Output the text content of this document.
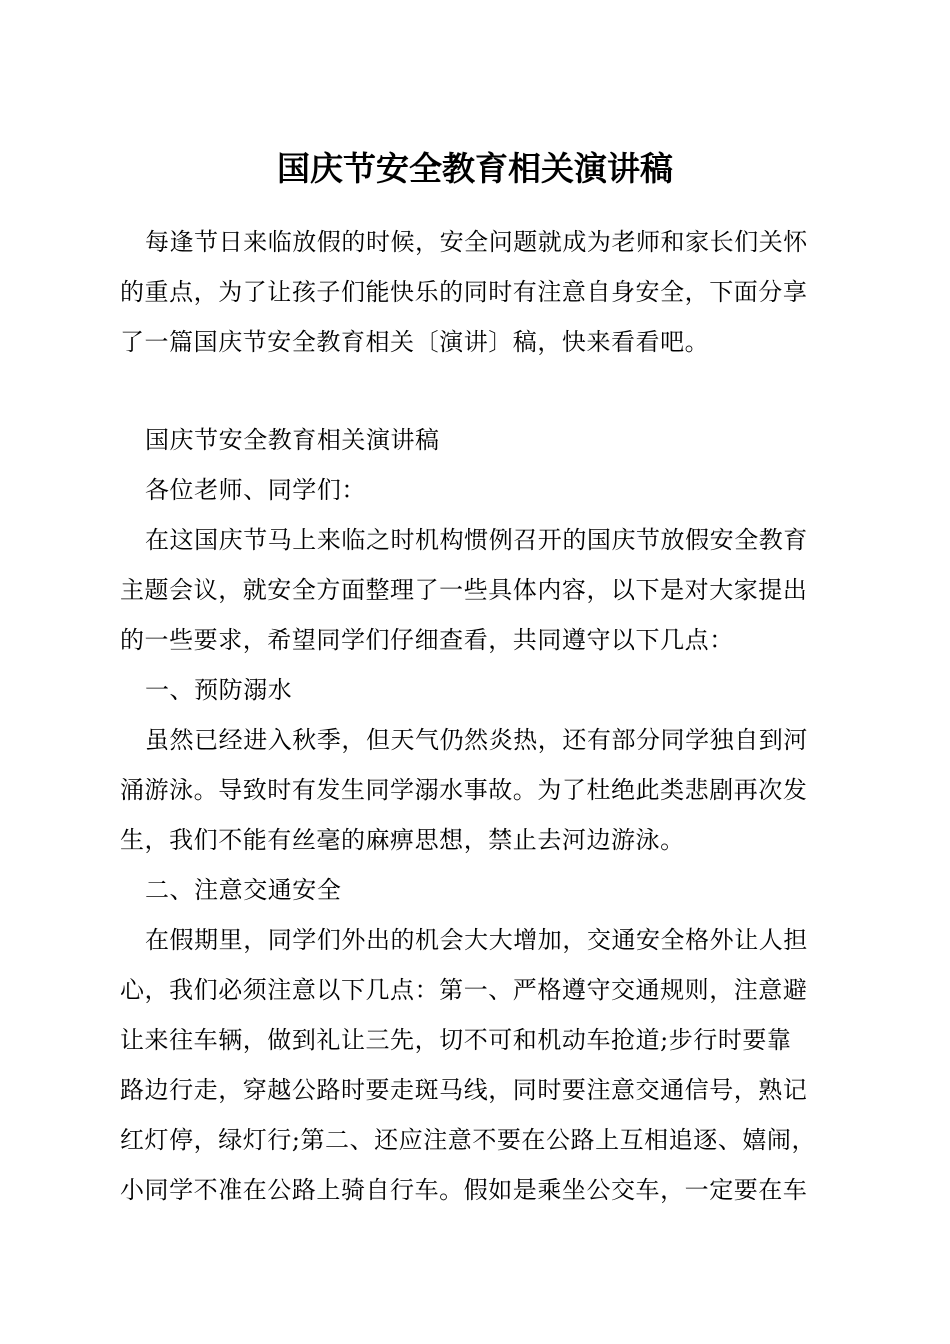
国庆节安全教育相关演讲稿

每逢节日来临放假的时候，安全问题就成为老师和家长们关怀

的重点，为了让孩子们能快乐的同时有注意自身安全，下面分享

了一篇国庆节安全教育相关〔演讲〕稿，快来看看吧。

国庆节安全教育相关演讲稿

各位老师、同学们：

在这国庆节马上来临之时机构惯例召开的国庆节放假安全教育

主题会议，就安全方面整理了一些具体内容，以下是对大家提出

的一些要求，希望同学们仔细查看，共同遵守以下几点：

一、预防溺水

虽然已经进入秋季，但天气仍然炎热，还有部分同学独自到河

涌游泳。导致时有发生同学溺水事故。为了杜绝此类悲剧再次发

生，我们不能有丝毫的麻痹思想，禁止去河边游泳。

二、注意交通安全

在假期里，同学们外出的机会大大增加，交通安全格外让人担

心，我们必须注意以下几点：第一、严格遵守交通规则，注意避

让来往车辆，做到礼让三先，切不可和机动车抢道;步行时要靠

路边行走，穿越公路时要走斑马线，同时要注意交通信号，熟记

红灯停，绿灯行;第二、还应注意不要在公路上互相追逐、嬉闹，

小同学不准在公路上骑自行车。假如是乘坐公交车，一定要在车
